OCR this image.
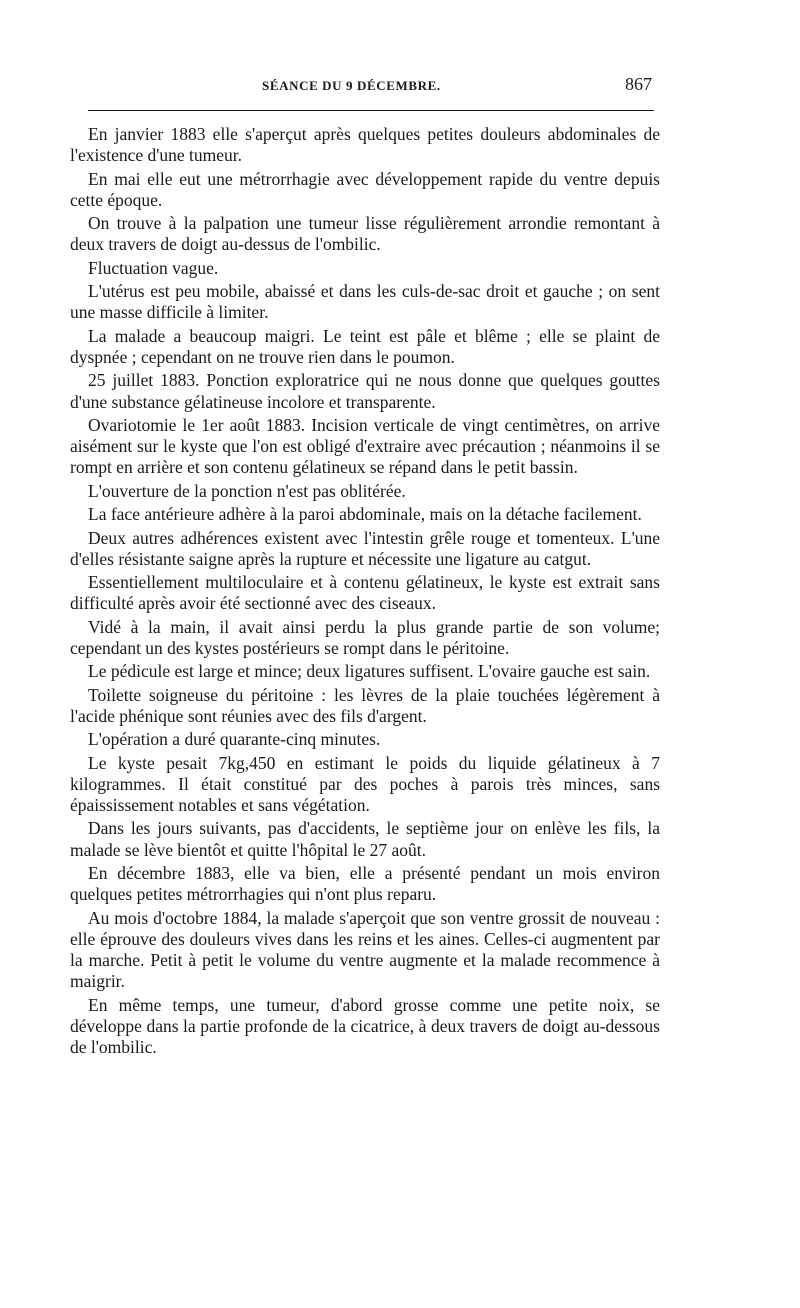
SÉANCE DU 9 DÉCEMBRE.	867

En janvier 1883 elle s'aperçut après quelques petites douleurs abdominales de l'existence d'une tumeur.

En mai elle eut une métrorrhagie avec développement rapide du ventre depuis cette époque.

On trouve à la palpation une tumeur lisse régulièrement arrondie remontant à deux travers de doigt au-dessus de l'ombilic.

Fluctuation vague.

L'utérus est peu mobile, abaissé et dans les culs-de-sac droit et gauche ; on sent une masse difficile à limiter.

La malade a beaucoup maigri. Le teint est pâle et blême ; elle se plaint de dyspnée ; cependant on ne trouve rien dans le poumon.

25 juillet 1883. Ponction exploratrice qui ne nous donne que quelques gouttes d'une substance gélatineuse incolore et transparente.

Ovariotomie le 1er août 1883. Incision verticale de vingt centimètres, on arrive aisément sur le kyste que l'on est obligé d'extraire avec précaution ; néanmoins il se rompt en arrière et son contenu gélatineux se répand dans le petit bassin.

L'ouverture de la ponction n'est pas oblitérée.

La face antérieure adhère à la paroi abdominale, mais on la détache facilement.

Deux autres adhérences existent avec l'intestin grêle rouge et tomenteux. L'une d'elles résistante saigne après la rupture et nécessite une ligature au catgut.

Essentiellement multiloculaire et à contenu gélatineux, le kyste est extrait sans difficulté après avoir été sectionné avec des ciseaux.

Vidé à la main, il avait ainsi perdu la plus grande partie de son volume; cependant un des kystes postérieurs se rompt dans le péritoine.

Le pédicule est large et mince; deux ligatures suffisent. L'ovaire gauche est sain.

Toilette soigneuse du péritoine : les lèvres de la plaie touchées légèrement à l'acide phénique sont réunies avec des fils d'argent.

L'opération a duré quarante-cinq minutes.

Le kyste pesait 7kg,450 en estimant le poids du liquide gélatineux à 7 kilogrammes. Il était constitué par des poches à parois très minces, sans épaississement notables et sans végétation.

Dans les jours suivants, pas d'accidents, le septième jour on enlève les fils, la malade se lève bientôt et quitte l'hôpital le 27 août.

En décembre 1883, elle va bien, elle a présenté pendant un mois environ quelques petites métrorrhagies qui n'ont plus reparu.

Au mois d'octobre 1884, la malade s'aperçoit que son ventre grossit de nouveau : elle éprouve des douleurs vives dans les reins et les aines. Celles-ci augmentent par la marche. Petit à petit le volume du ventre augmente et la malade recommence à maigrir.

En même temps, une tumeur, d'abord grosse comme une petite noix, se développe dans la partie profonde de la cicatrice, à deux travers de doigt au-dessous de l'ombilic.
